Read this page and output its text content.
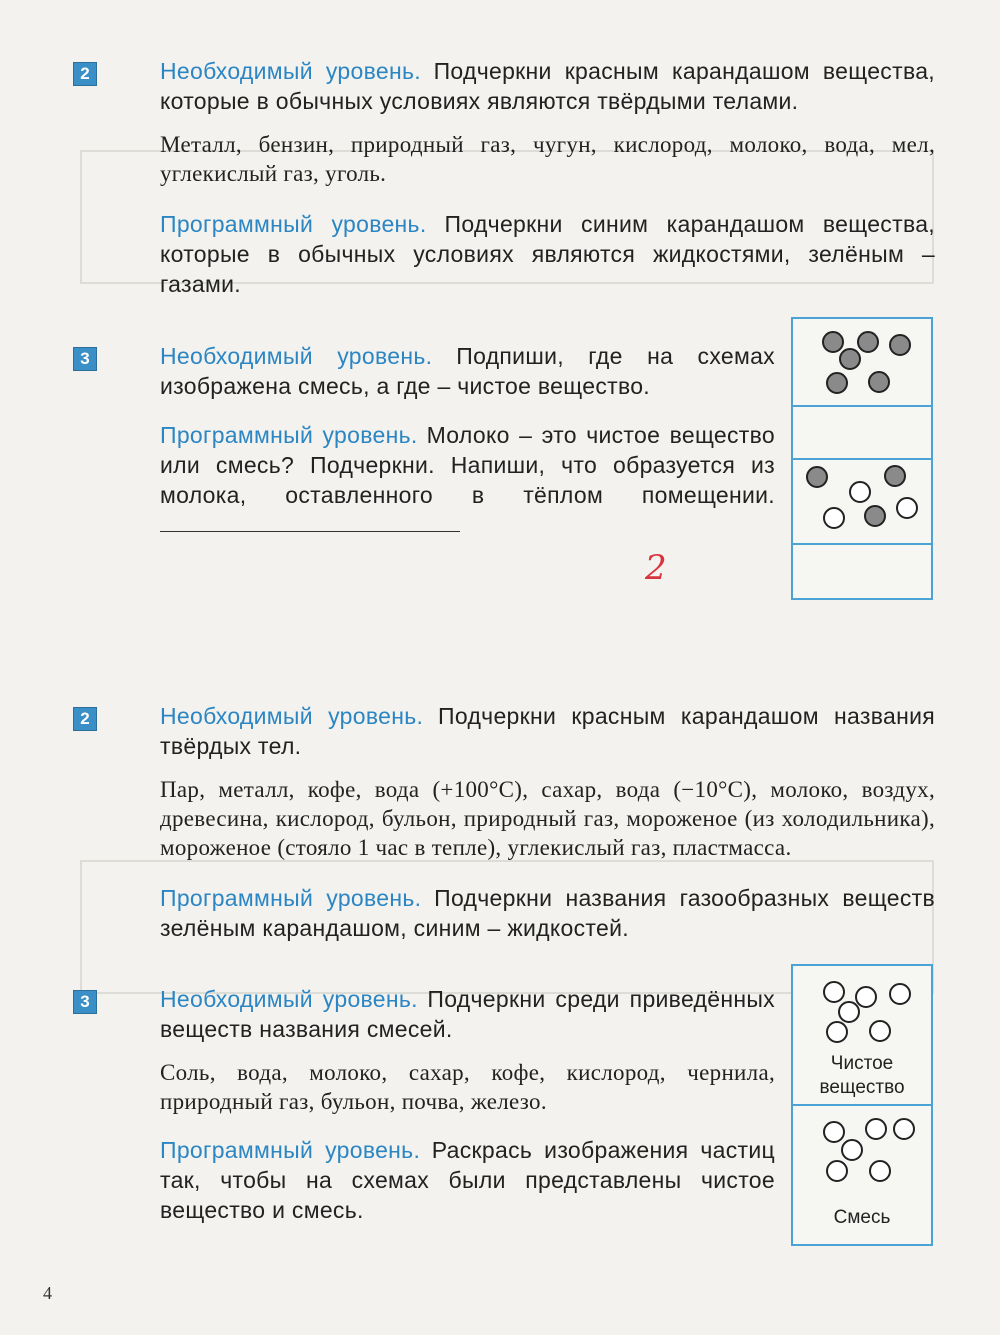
2	Необходимый уровень. Подчеркни красным карандашом вещества, которые в обычных условиях являются твёрдыми телами.

Металл, бензин, природный газ, чугун, кислород, молоко, вода, мел, углекислый газ, уголь.

Программный уровень. Подчеркни синим карандашом вещества, которые в обычных условиях являются жидкостями, зелёным – газами.

3	Необходимый уровень. Подпиши, где на схемах изображена смесь, а где – чистое вещество.

Программный уровень. Молоко – это чистое вещество или смесь? Подчеркни. Напиши, что образуется из молока, оставленного в тёплом помещении.

2
2	Необходимый уровень. Подчеркни красным карандашом названия твёрдых тел.

Пар, металл, кофе, вода (+100°С), сахар, вода (−10°С), молоко, воздух, древесина, кислород, бульон, природный газ, мороженое (из холодильника), мороженое (стояло 1 час в тепле), углекислый газ, пластмасса.

Программный уровень. Подчеркни названия газообразных веществ зелёным карандашом, синим – жидкостей.

3	Необходимый уровень. Подчеркни среди приведённых веществ названия смесей.

Соль, вода, молоко, сахар, кофе, кислород, чернила, природный газ, бульон, почва, железо.

Программный уровень. Раскрась изображения частиц так, чтобы на схемах были представлены чистое вещество и смесь.

Чистое вещество
Смесь
4
